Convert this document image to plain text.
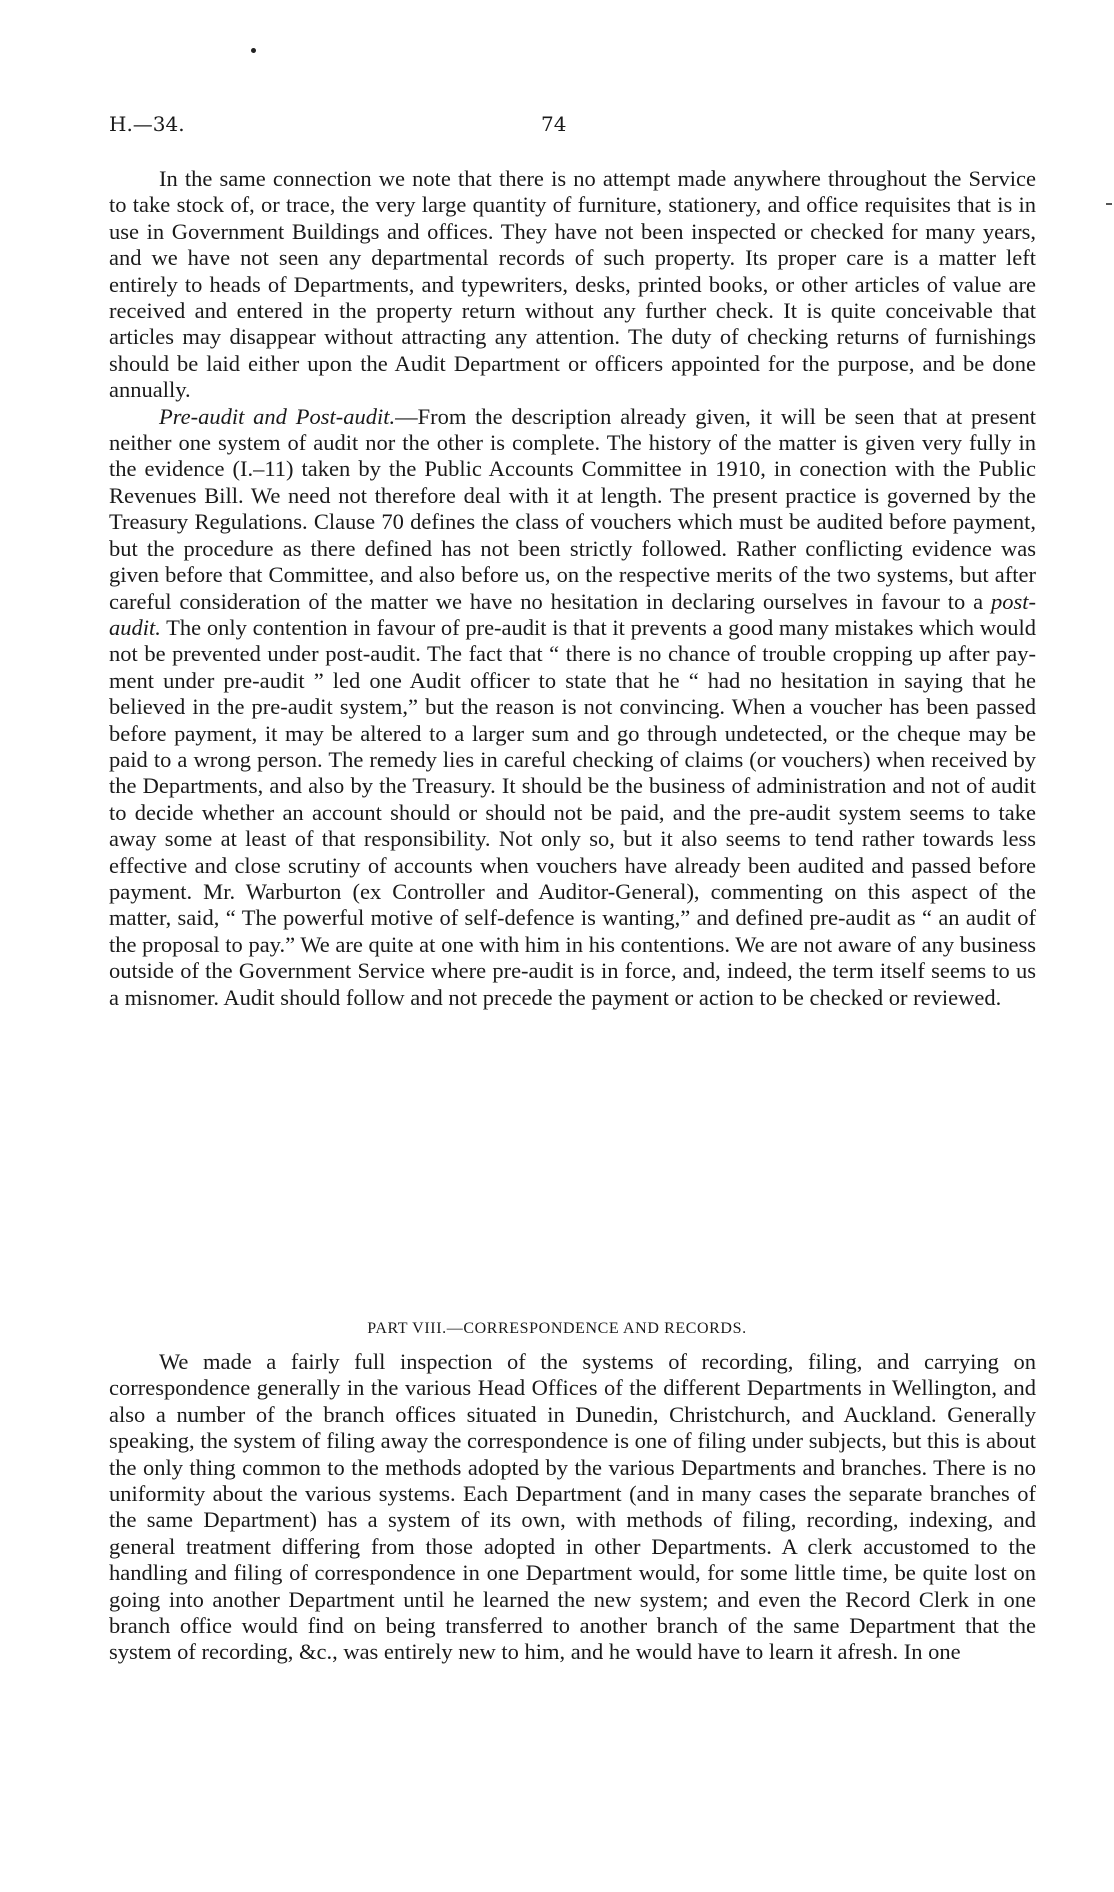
H.—34.	74

In the same connection we note that there is no attempt made anywhere throughout the Service to take stock of, or trace, the very large quantity of furniture, stationery, and office requisites that is in use in Government Buildings and offices. They have not been inspected or checked for many years, and we have not seen any departmental records of such property. Its proper care is a matter left entirely to heads of Departments, and typewriters, desks, printed books, or other articles of value are received and entered in the property return without any further check. It is quite conceivable that articles may disappear without attracting any attention. The duty of checking returns of furnishings should be laid either upon the Audit Department or officers appointed for the purpose, and be done annually.

Pre-audit and Post-audit.—From the description already given, it will be seen that at present neither one system of audit nor the other is complete. The history of the matter is given very fully in the evidence (I.–11) taken by the Public Accounts Committee in 1910, in conection with the Public Revenues Bill. We need not therefore deal with it at length. The present practice is governed by the Treasury Regulations. Clause 70 defines the class of vouchers which must be audited before payment, but the procedure as there defined has not been strictly followed. Rather conflicting evidence was given before that Committee, and also before us, on the respective merits of the two systems, but after careful consideration of the matter we have no hesitation in declaring ourselves in favour to a post-audit. The only contention in favour of pre-audit is that it prevents a good many mistakes which would not be prevented under post-audit. The fact that “ there is no chance of trouble cropping up after payment under pre-audit ” led one Audit officer to state that he “ had no hesitation in saying that he believed in the pre-audit system,” but the reason is not convincing. When a voucher has been passed before payment, it may be altered to a larger sum and go through undetected, or the cheque may be paid to a wrong person. The remedy lies in careful checking of claims (or vouchers) when received by the Departments, and also by the Treasury. It should be the business of administration and not of audit to decide whether an account should or should not be paid, and the pre-audit system seems to take away some at least of that responsibility. Not only so, but it also seems to tend rather towards less effective and close scrutiny of accounts when vouchers have already been audited and passed before payment. Mr. Warburton (ex Controller and Auditor-General), commenting on this aspect of the matter, said, “ The powerful motive of self-defence is wanting,” and defined pre-audit as “ an audit of the proposal to pay.” We are quite at one with him in his contentions. We are not aware of any business outside of the Government Service where pre-audit is in force, and, indeed, the term itself seems to us a misnomer. Audit should follow and not precede the payment or action to be checked or reviewed.

PART VIII.—CORRESPONDENCE AND RECORDS.

We made a fairly full inspection of the systems of recording, filing, and carrying on correspondence generally in the various Head Offices of the different Departments in Wellington, and also a number of the branch offices situated in Dunedin, Christchurch, and Auckland. Generally speaking, the system of filing away the correspondence is one of filing under subjects, but this is about the only thing common to the methods adopted by the various Departments and branches. There is no uniformity about the various systems. Each Department (and in many cases the separate branches of the same Department) has a system of its own, with methods of filing, recording, indexing, and general treatment differing from those adopted in other Departments. A clerk accustomed to the handling and filing of correspondence in one Department would, for some little time, be quite lost on going into another Department until he learned the new system; and even the Record Clerk in one branch office would find on being transferred to another branch of the same Department that the system of recording, &c., was entirely new to him, and he would have to learn it afresh. In one
